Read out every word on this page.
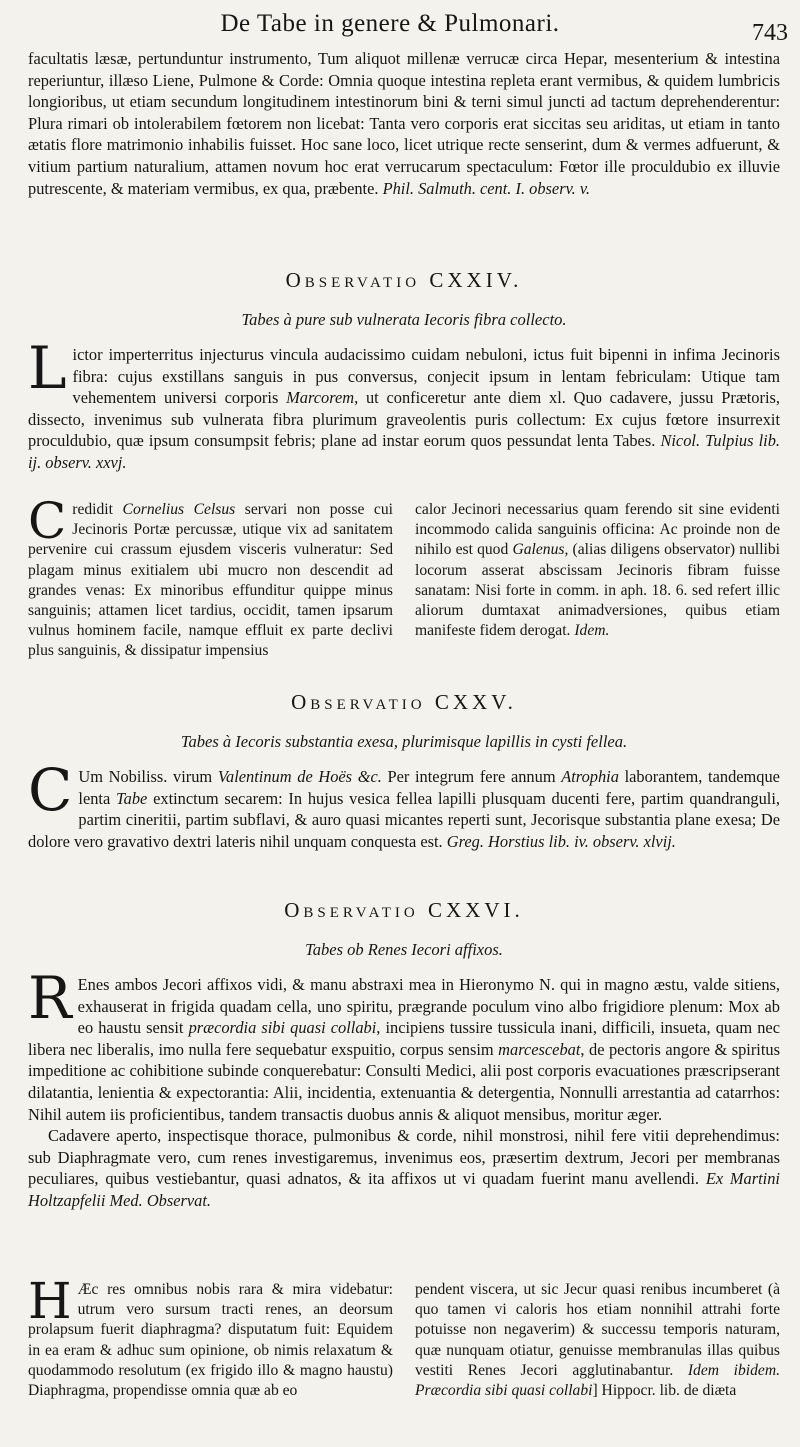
De Tabe in genere & Pulmonari.	743

facultatis læsæ, pertunduntur instrumento, Tum aliquot millenæ verrucæ circa Hepar, mesenterium & intestina reperiuntur, illæso Liene, Pulmone & Corde: Omnia quoque intestina repleta erant vermibus, & quidem lumbricis longioribus, ut etiam secundum longitudinem intestinorum bini & terni simul juncti ad tactum deprehenderentur: Plura rimari ob intolerabilem fœtorem non licebat: Tanta vero corporis erat siccitas seu ariditas, ut etiam in tanto ætatis flore matrimonio inhabilis fuisset. Hoc sane loco, licet utrique recte senserint, dum & vermes adfuerunt, & vitium partium naturalium, attamen novum hoc erat verrucarum spectaculum: Fœtor ille proculdubio ex illuvie putrescente, & materiam vermibus, ex qua, præbente. Phil. Salmuth. cent. I. observ. v.

Observatio CXXIV.
Tabes à pure sub vulnerata Iecoris fibra collecto.

Lictor imperterritus injecturus vincula audacissimo cuidam nebuloni, ictus fuit bipenni in infima Jecinoris fibra: cujus exstillans sanguis in pus conversus, conjecit ipsum in lentam febriculam: Utique tam vehementem universi corporis Marcorem, ut conficeretur ante diem xl. Quo cadavere, jussu Prætoris, dissecto, invenimus sub vulnerata fibra plurimum graveolentis puris collectum: Ex cujus fœtore insurrexit proculdubio, quæ ipsum consumpsit febris; plane ad instar eorum quos pessundat lenta Tabes. Nicol. Tulpius lib. ij. observ. xxvj.

Credidit Cornelius Celsus servari non posse cui Jecinoris Portæ percussæ, utique vix ad sanitatem pervenire cui crassum ejusdem visceris vulneratur: Sed plagam minus exitialem ubi mucro non descendit ad grandes venas: Ex minoribus effunditur quippe minus sanguinis; attamen licet tardius, occidit, tamen ipsarum vulnus hominem facile, namque effluit ex parte declivi plus sanguinis, & dissipatur impensius
calor Jecinori necessarius quam ferendo sit sine evidenti incommodo calida sanguinis officina: Ac proinde non de nihilo est quod Galenus, (alias diligens observator) nullibi locorum asserat abscissam Jecinoris fibram fuisse sanatam: Nisi forte in comm. in aph. 18. 6. sed refert illic aliorum dumtaxat animadversiones, quibus etiam manifeste fidem derogat. Idem.
Observatio CXXV.
Tabes à Iecoris substantia exesa, plurimisque lapillis in cysti fellea.

C Um Nobiliss. virum Valentinum de Hoës &c. Per integrum fere annum Atrophia laborantem, tandemque lenta Tabe extinctum secarem: In hujus vesica fellea lapilli plusquam ducenti fere, partim quandranguli, partim cineritii, partim subflavi, & auro quasi micantes reperti sunt, Jecorisque substantia plane exesa; De dolore vero gravativo dextri lateris nihil unquam conquesta est. Greg. Horstius lib. iv. observ. xlvij.

Observatio CXXVI.
Tabes ob Renes Iecori affixos.

R Enes ambos Jecori affixos vidi, & manu abstraxi mea in Hieronymo N. qui in magno æstu, valde sitiens, exhauserat in frigida quadam cella, uno spiritu, prægrande poculum vino albo frigidiore plenum: Mox ab eo haustu sensit præcordia sibi quasi collabi, incipiens tussire tussicula inani, difficili, insueta, quam nec libera nec liberalis, imo nulla fere sequebatur exspuitio, corpus sensim marcescebat, de pectoris angore & spiritus impeditione ac cohibitione subinde conquerebatur: Consulti Medici, alii post corporis evacuationes præscripserant dilatantia, lenientia & expectorantia: Alii, incidentia, extenuantia & detergentia, Nonnulli arrestantia ad catarrhos: Nihil autem iis proficientibus, tandem transactis duobus annis & aliquot mensibus, moritur æger.

Cadavere aperto, inspectisque thorace, pulmonibus & corde, nihil monstrosi, nihil fere vitii deprehendimus: sub Diaphragmate vero, cum renes investigaremus, invenimus eos, præsertim dextrum, Jecori per membranas peculiares, quibus vestiebantur, quasi adnatos, & ita affixos ut vi quadam fuerint manu avellendi. Ex Martini Holtzapfelii Med. Observat.

H Æc res omnibus nobis rara & mira videbatur: utrum vero sursum tracti renes, an deorsum prolapsum fuerit diaphragma? disputatum fuit: Equidem in ea eram & adhuc sum opinione, ob nimis relaxatum & quodammodo resolutum (ex frigido illo & magno haustu) Diaphragma, propendisse omnia quæ ab eo
pendent viscera, ut sic Jecur quasi renibus incumberet (à quo tamen vi caloris hos etiam nonnihil attrahi forte potuisse non negaverim) & successu temporis naturam, quæ nunquam otiatur, genuisse membranulas illas quibus vestiti Renes Jecori agglutinabantur. Idem ibidem. Præcordia sibi quasi collabi] Hippocr. lib. de diæta
